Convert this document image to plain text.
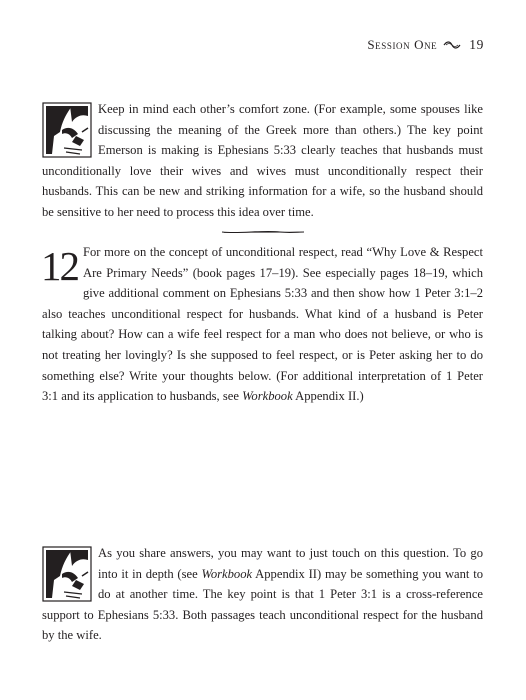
Session One 19
Keep in mind each other’s comfort zone. (For example, some spouses like discussing the meaning of the Greek more than others.) The key point Emerson is making is Ephesians 5:33 clearly teaches that husbands must unconditionally love their wives and wives must unconditionally respect their husbands. This can be new and striking information for a wife, so the husband should be sensitive to her need to process this idea over time.
12 For more on the concept of unconditional respect, read “Why Love & Respect Are Primary Needs” (book pages 17–19). See especially pages 18–19, which give additional comment on Ephesians 5:33 and then show how 1 Peter 3:1–2 also teaches unconditional respect for husbands. What kind of a husband is Peter talking about? How can a wife feel respect for a man who does not believe, or who is not treating her lovingly? Is she supposed to feel respect, or is Peter asking her to do something else? Write your thoughts below. (For additional interpretation of 1 Peter 3:1 and its application to husbands, see Workbook Appendix II.)
As you share answers, you may want to just touch on this question. To go into it in depth (see Workbook Appendix II) may be something you want to do at another time. The key point is that 1 Peter 3:1 is a cross-reference support to Ephesians 5:33. Both passages teach unconditional respect for the husband by the wife.
